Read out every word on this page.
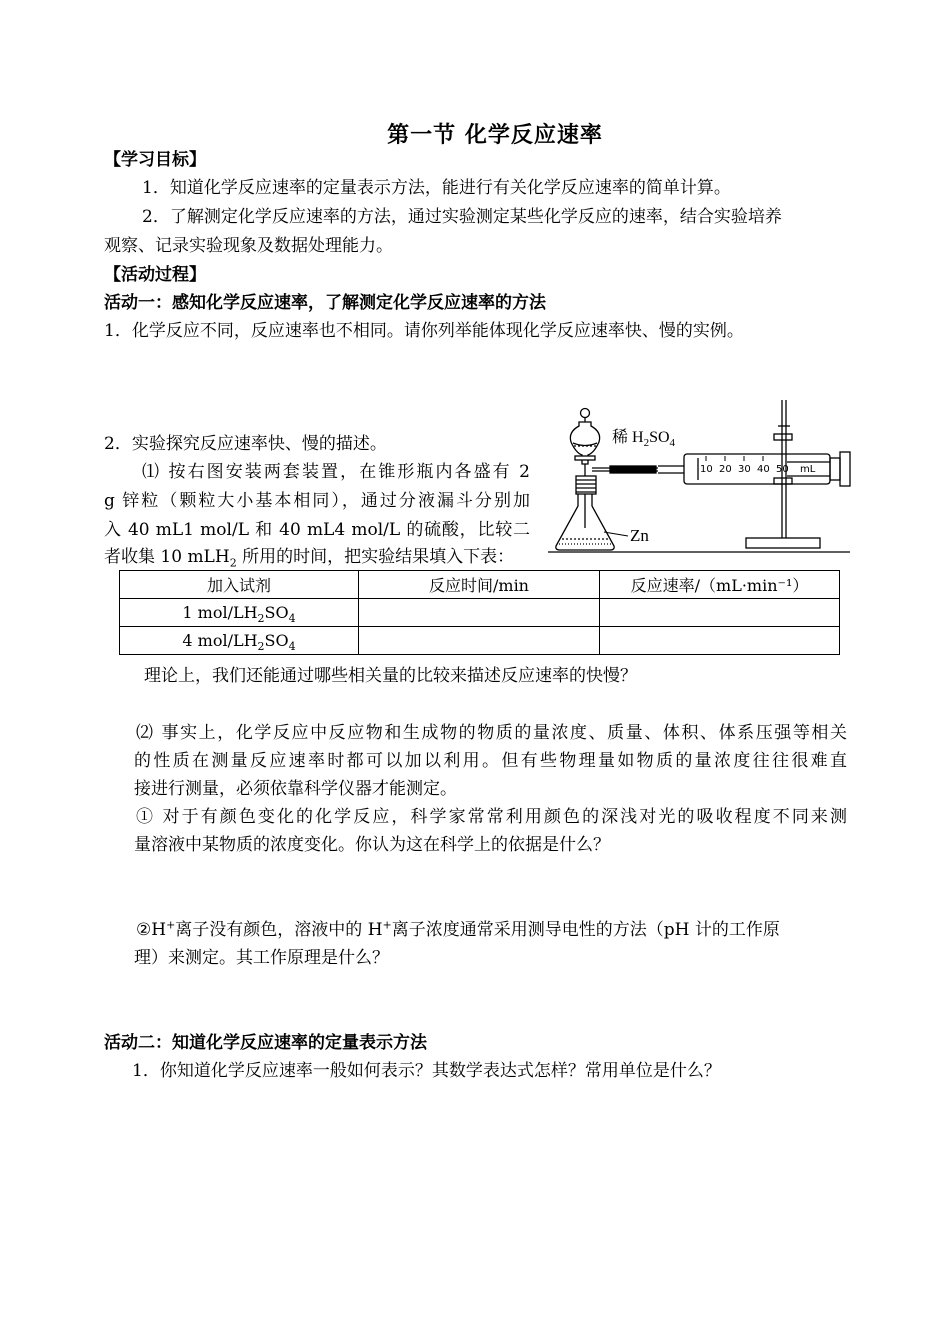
第一节 化学反应速率
【学习目标】
1．知道化学反应速率的定量表示方法，能进行有关化学反应速率的简单计算。
2．了解测定化学反应速率的方法，通过实验测定某些化学反应的速率，结合实验培养
观察、记录实验现象及数据处理能力。
【活动过程】
活动一：感知化学反应速率，了解测定化学反应速率的方法
1．化学反应不同，反应速率也不相同。请你列举能体现化学反应速率快、慢的实例。
2．实验探究反应速率快、慢的描述。
⑴ 按右图安装两套装置，在锥形瓶内各盛有 2
g 锌粒（颗粒大小基本相同），通过分液漏斗分别加
入 40 mL1 mol/L 和 40 mL4 mol/L 的硫酸，比较二
者收集 10 mLH$_2$ 所用的时间，把实验结果填入下表：
10 20 30 40 50
稀 $H_2SO_4$
Zn
mL
加入试剂	反应时间/min	反应速率/（mL·min⁻¹）
1 mol/$LH_2SO_4$		
4 mol/$LH_2SO_4$		
理论上，我们还能通过哪些相关量的比较来描述反应速率的快慢？
⑵ 事实上，化学反应中反应物和生成物的物质的量浓度、质量、体积、体系压强等相关
的性质在测量反应速率时都可以加以利用。但有些物理量如物质的量浓度往往很难直
接进行测量，必须依靠科学仪器才能测定。
① 对于有颜色变化的化学反应，科学家常常利用颜色的深浅对光的吸收程度不同来测
量溶液中某物质的浓度变化。你认为这在科学上的依据是什么？
②H+离子没有颜色，溶液中的 H+离子浓度通常采用测导电性的方法（pH 计的工作原
理）来测定。其工作原理是什么？
活动二：知道化学反应速率的定量表示方法
1．你知道化学反应速率一般如何表示？其数学表达式怎样？常用单位是什么？
